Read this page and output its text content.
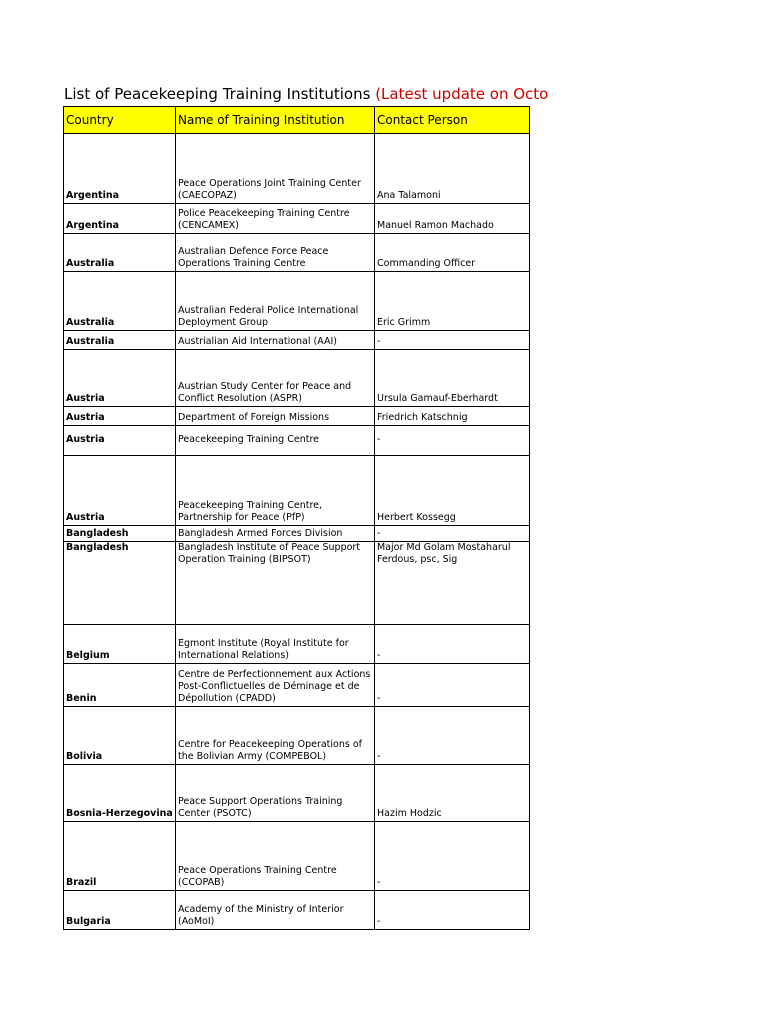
List of Peacekeeping Training Institutions (Latest update on Octo
Country	Name of Training Institution	Contact Person
Argentina	Peace Operations Joint Training Center (CAECOPAZ)	Ana Talamoni
Argentina	Police Peacekeeping Training Centre (CENCAMEX)	Manuel Ramon Machado
Australia	Australian Defence Force Peace Operations Training Centre	Commanding Officer
Australia	Australian Federal Police International Deployment Group	Eric Grimm
Australia	Austrialian Aid International (AAI)	-
Austria	Austrian Study Center for Peace and Conflict Resolution (ASPR)	Ursula Gamauf-Eberhardt
Austria	Department of Foreign Missions	Friedrich Katschnig
Austria	Peacekeeping Training Centre	-
Austria	Peacekeeping Training Centre, Partnership for Peace (PfP)	Herbert Kossegg
Bangladesh	Bangladesh Armed Forces Division	-
Bangladesh	Bangladesh Institute of Peace Support Operation Training (BIPSOT)	Major Md Golam Mostaharul Ferdous, psc, Sig
Belgium	Egmont Institute (Royal Institute for International Relations)	-
Benin	Centre de Perfectionnement aux Actions Post-Conflictuelles de Déminage et de Dépollution (CPADD)	-
Bolivia	Centre for Peacekeeping Operations of the Bolivian Army (COMPEBOL)	-
Bosnia-Herzegovina	Peace Support Operations Training Center (PSOTC)	Hazim Hodzic
Brazil	Peace Operations Training Centre (CCOPAB)	-
Bulgaria	Academy of the Ministry of Interior (AoMoI)	-
